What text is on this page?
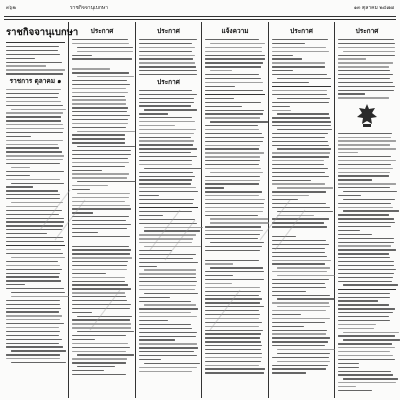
๓๖๒	ราชกิจจานุเบกษา	๑๓ ตุลาคม ๒๔๗๗
ราชกิจจานุเบกษา
ราชการ ตุลาคม ๑
ประกาศ	ประกาศ
ประกาศ
แจ้งความ	ประกาศ	ประกาศ
